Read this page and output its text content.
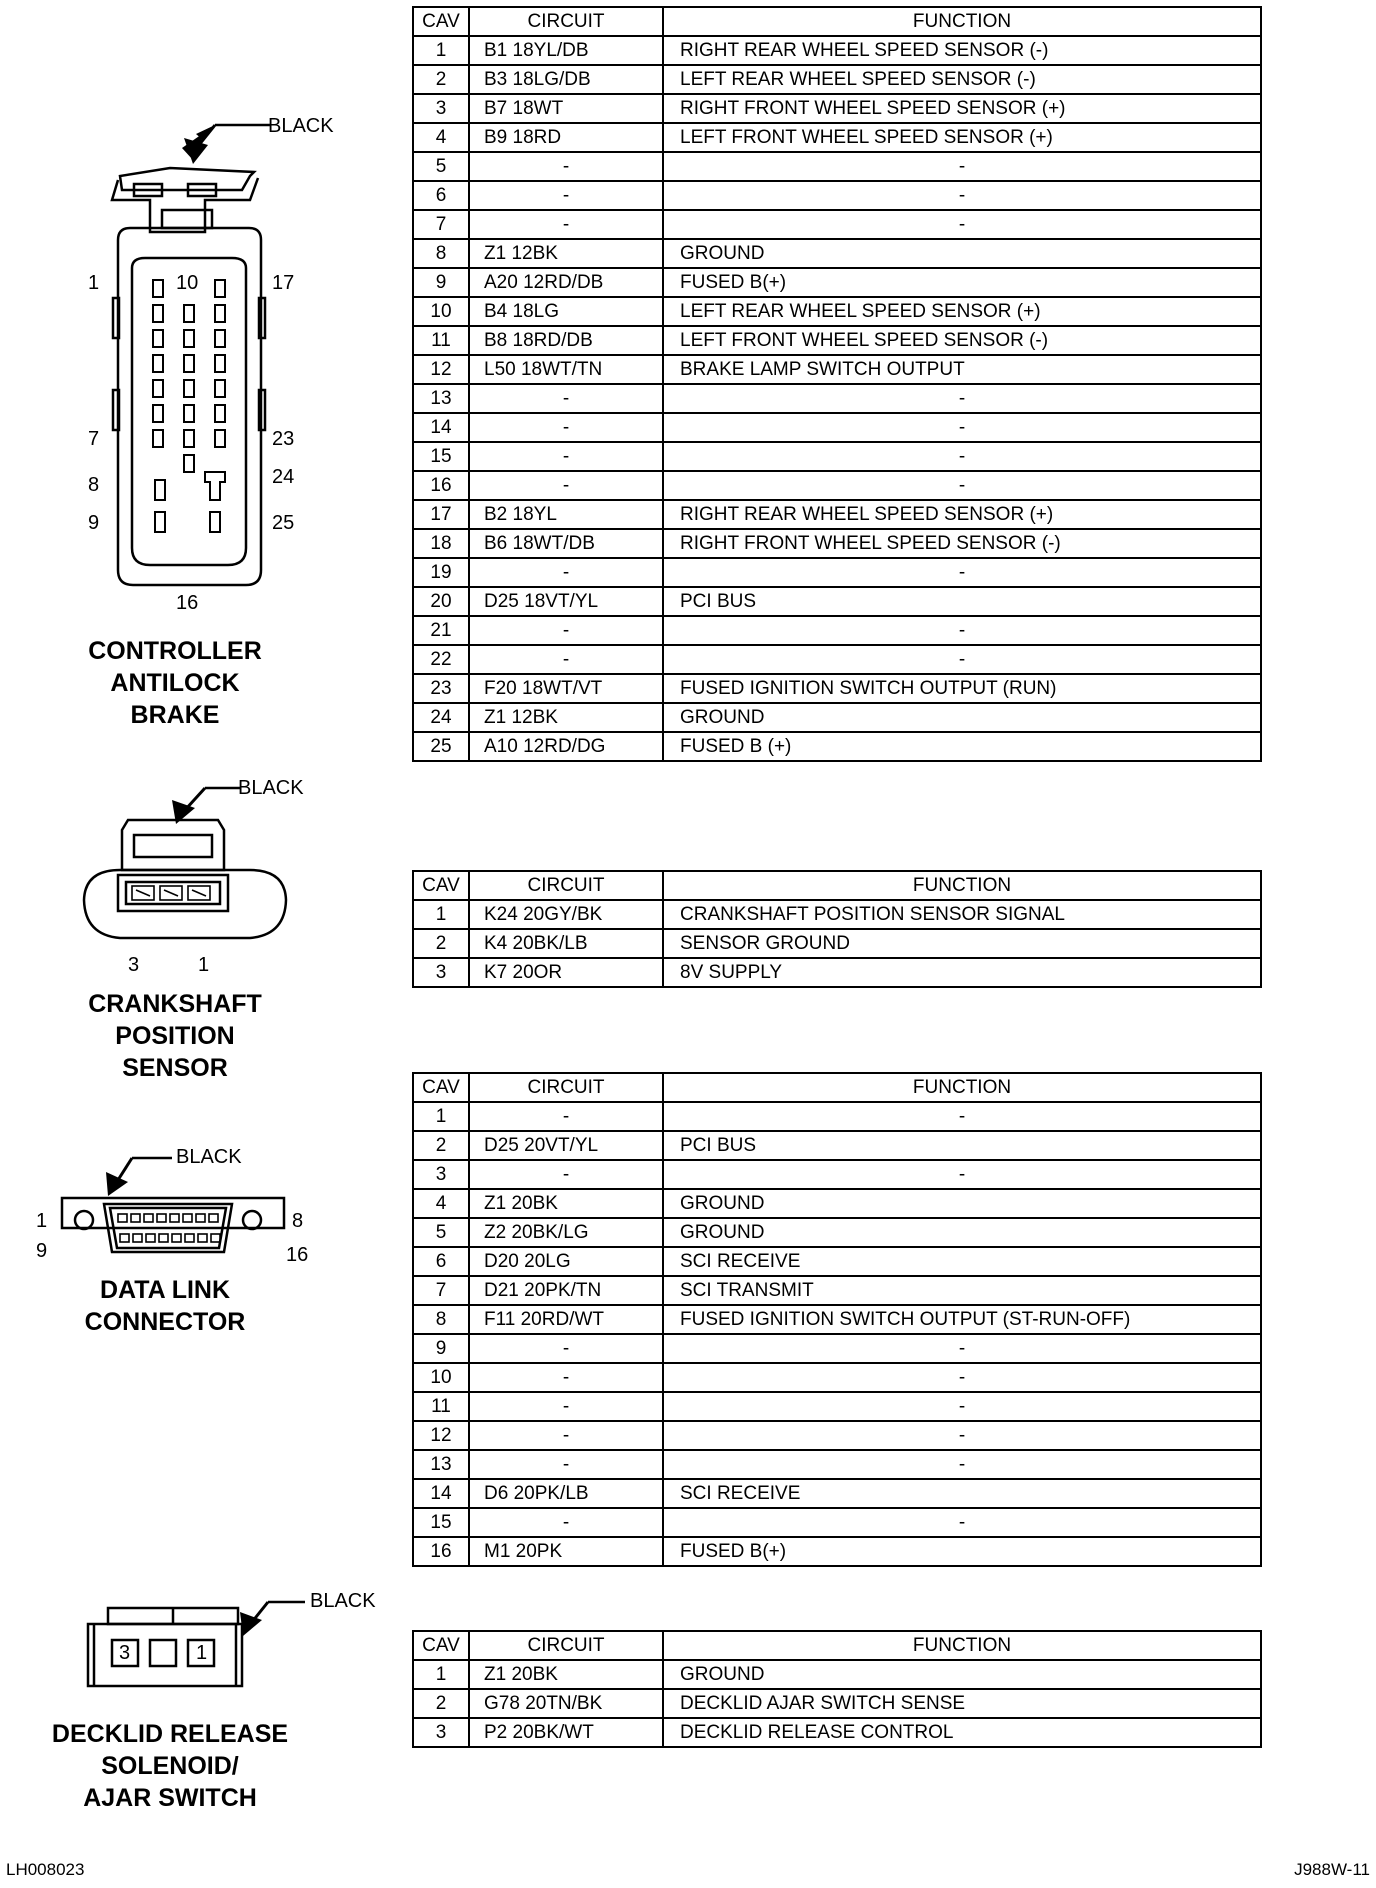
BLACK
1	10	17
7	23
8	24
9	25
16
CONTROLLER
ANTILOCK
BRAKE
CAV	CIRCUIT	FUNCTION
1	B1 18YL/DB	RIGHT REAR WHEEL SPEED SENSOR (-)
2	B3 18LG/DB	LEFT REAR WHEEL SPEED SENSOR (-)
3	B7 18WT	RIGHT FRONT WHEEL SPEED SENSOR (+)
4	B9 18RD	LEFT FRONT WHEEL SPEED SENSOR (+)
5	-	-
6	-	-
7	-	-
8	Z1 12BK	GROUND
9	A20 12RD/DB	FUSED B(+)
10	B4 18LG	LEFT REAR WHEEL SPEED SENSOR (+)
11	B8 18RD/DB	LEFT FRONT WHEEL SPEED SENSOR (-)
12	L50 18WT/TN	BRAKE LAMP SWITCH OUTPUT
13	-	-
14	-	-
15	-	-
16	-	-
17	B2 18YL	RIGHT REAR WHEEL SPEED SENSOR (+)
18	B6 18WT/DB	RIGHT FRONT WHEEL SPEED SENSOR (-)
19	-	-
20	D25 18VT/YL	PCI BUS
21	-	-
22	-	-
23	F20 18WT/VT	FUSED IGNITION SWITCH OUTPUT (RUN)
24	Z1 12BK	GROUND
25	A10 12RD/DG	FUSED B (+)
BLACK
3	1
CRANKSHAFT
POSITION
SENSOR
CAV	CIRCUIT	FUNCTION
1	K24 20GY/BK	CRANKSHAFT POSITION SENSOR SIGNAL
2	K4 20BK/LB	SENSOR GROUND
3	K7 20OR	8V SUPPLY
BLACK
1	8
9	16
DATA LINK
CONNECTOR
CAV	CIRCUIT	FUNCTION
1	-	-
2	D25 20VT/YL	PCI BUS
3	-	-
4	Z1 20BK	GROUND
5	Z2 20BK/LG	GROUND
6	D20 20LG	SCI RECEIVE
7	D21 20PK/TN	SCI TRANSMIT
8	F11 20RD/WT	FUSED IGNITION SWITCH OUTPUT (ST-RUN-OFF)
9	-	-
10	-	-
11	-	-
12	-	-
13	-	-
14	D6 20PK/LB	SCI RECEIVE
15	-	-
16	M1 20PK	FUSED B(+)
BLACK
3	1
DECKLID RELEASE
SOLENOID/
AJAR SWITCH
CAV	CIRCUIT	FUNCTION
1	Z1 20BK	GROUND
2	G78 20TN/BK	DECKLID AJAR SWITCH SENSE
3	P2 20BK/WT	DECKLID RELEASE CONTROL
LH008023	J988W-11
